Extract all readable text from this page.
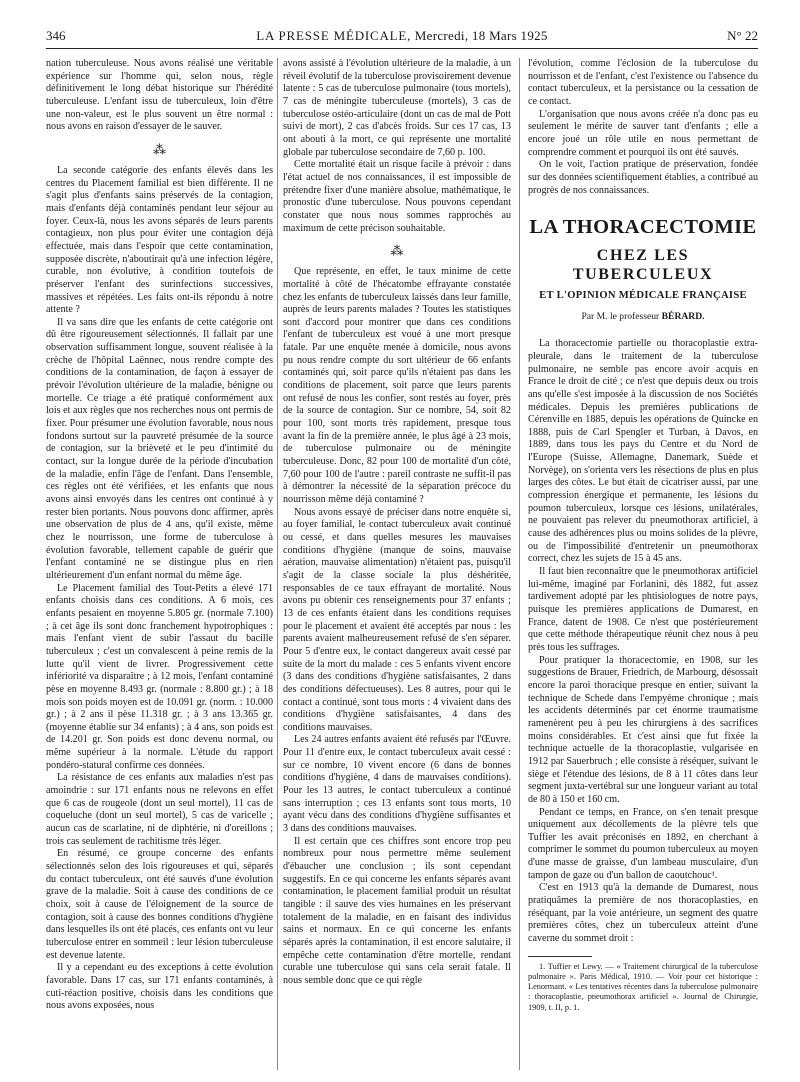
346	LA PRESSE MÉDICALE, Mercredi, 18 Mars 1925	N° 22

nation tuberculeuse. Nous avons réalisé une véritable expérience sur l'homme qui, selon nous, règle définitivement le long débat historique sur l'hérédité tuberculeuse. L'enfant issu de tuberculeux, loin d'être une non-valeur, est le plus souvent un être normal : nous avons en raison d'essayer de le sauver.

⁂

La seconde catégorie des enfants élevés dans les centres du Placement familial est bien différente. Il ne s'agit plus d'enfants sains préservés de la contagion, mais d'enfants déjà contaminés pendant leur séjour au foyer. Ceux-là, nous les avons séparés de leurs parents contagieux, non plus pour éviter une contagion déjà effectuée, mais dans l'espoir que cette contamination, supposée discrète, n'aboutirait qu'à une infection légère, curable, non évolutive, à condition toutefois de préserver l'enfant des surinfections successives, massives et répétées. Les faits ont-ils répondu à notre attente ?

Il va sans dire que les enfants de cette catégorie ont dû être rigoureusement sélectionnés. Il fallait par une observation suffisamment longue, souvent réalisée à la crèche de l'hôpital Laënnec, nous rendre compte des conditions de la contamination, de façon à essayer de prévoir l'évolution ultérieure de la maladie, bénigne ou mortelle. Ce triage a été pratiqué conformément aux lois et aux règles que nos recherches nous ont permis de fixer. Pour présumer une évolution favorable, nous nous fondons surtout sur la pauvreté présumée de la source de contagion, sur la brièveté et le peu d'intimité du contact, sur la longue durée de la période d'incubation de la maladie, enfin l'âge de l'enfant. Dans l'ensemble, ces règles ont été vérifiées, et les enfants que nous avons ainsi envoyés dans les centres ont continué à y rester bien portants. Nous pouvons donc affirmer, après une observation de plus de 4 ans, qu'il existe, même chez le nourrisson, une forme de tuberculose à évolution favorable, tellement capable de guérir que l'enfant contaminé ne se distingue plus en rien ultérieurement d'un enfant normal du même âge.

Le Placement familial des Tout-Petits a élevé 171 enfants choisis dans ces conditions. A 6 mois, ces enfants pesaient en moyenne 5.805 gr. (normale 7.100) ; à cet âge ils sont donc franchement hypotrophiques : mais l'enfant vient de subir l'assaut du bacille tuberculeux ; c'est un convalescent à peine remis de la lutte qu'il vient de livrer. Progressivement cette infériorité va disparaître ; à 12 mois, l'enfant contaminé pèse en moyenne 8.493 gr. (normale : 8.800 gr.) ; à 18 mois son poids moyen est de 10.091 gr. (norm. : 10.000 gr.) ; à 2 ans il pèse 11.318 gr. ; à 3 ans 13.365 gr. (moyenne établie sur 34 enfants) ; à 4 ans, son poids est de 14.201 gr. Son poids est donc devenu normal, ou même supérieur à la normale. L'étude du rapport pondéro-statural confirme ces données.

La résistance de ces enfants aux maladies n'est pas amoindrie : sur 171 enfants nous ne relevons en effet que 6 cas de rougeole (dont un seul mortel), 11 cas de coqueluche (dont un seul mortel), 5 cas de varicelle ; aucun cas de scarlatine, ni de diphtérie, ni d'oreillons ; trois cas seulement de rachitisme très léger.

En résumé, ce groupe concerne des enfants sélectionnés selon des lois rigoureuses et qui, séparés du contact tuberculeux, ont été sauvés d'une évolution grave de la maladie. Soit à cause des conditions de ce choix, soit à cause de l'éloignement de la source de contagion, soit à cause des bonnes conditions d'hygiène dans lesquelles ils ont été placés, ces enfants ont vu leur tuberculose entrer en sommeil : leur lésion tuberculeuse est devenue latente.

Il y a cependant eu des exceptions à cette évolution favorable. Dans 17 cas, sur 171 enfants contaminés, à cuti-réaction positive, choisis dans les conditions que nous avons exposées, nous

avons assisté à l'évolution ultérieure de la maladie, à un réveil évolutif de la tuberculose provisoirement devenue latente : 5 cas de tuberculose pulmonaire (tous mortels), 7 cas de méningite tuberculeuse (mortels), 3 cas de tuberculose ostéo-articulaire (dont un cas de mal de Pott suivi de mort), 2 cas d'abcès froids. Sur ces 17 cas, 13 ont abouti à la mort, ce qui représente une mortalité globale par tuberculose secondaire de 7,60 p. 100.

Cette mortalité était un risque facile à prévoir : dans l'état actuel de nos connaissances, il est impossible de prétendre fixer d'une manière absolue, mathématique, le pronostic d'une tuberculose. Nous pouvons cependant constater que nous nous sommes rapprochés au maximum de cette précison souhaitable.

⁂

Que représente, en effet, le taux minime de cette mortalité à côté de l'hécatombe effrayante constatée chez les enfants de tuberculeux laissés dans leur famille, auprès de leurs parents malades ? Toutes les statistiques sont d'accord pour montrer que dans ces conditions l'enfant de tuberculeux est voué à une mort presque fatale. Par une enquête menée à domicile, nous avons pu nous rendre compte du sort ultérieur de 66 enfants contaminés qui, soit parce qu'ils n'étaient pas dans les conditions de placement, soit parce que leurs parents ont refusé de nous les confier, sont restés au foyer, près de la source de contagion. Sur ce nombre, 54, soit 82 pour 100, sont morts très rapidement, presque tous avant la fin de la première année, le plus âgé à 23 mois, de tuberculose pulmonaire ou de méningite tuberculeuse. Donc, 82 pour 100 de mortalité d'un côté, 7,60 pour 100 de l'autre : pareil contraste ne suffit-il pas à démontrer la nécessité de la séparation précoce du nourrisson même déjà contaminé ?

Nous avons essayé de préciser dans notre enquête si, au foyer familial, le contact tuberculeux avait continué ou cessé, et dans quelles mesures les mauvaises conditions d'hygiène (manque de soins, mauvaise aération, mauvaise alimentation) n'étaient pas, puisqu'il s'agit de la classe sociale la plus déshéritée, responsables de ce taux effrayant de mortalité. Nous avons pu obtenir ces renseignements pour 37 enfants ; 13 de ces enfants étaient dans les conditions requises pour le placement et avaient été acceptés par nous : les parents avaient malheureusement refusé de s'en séparer. Pour 5 d'entre eux, le contact dangereux avait cessé par suite de la mort du malade : ces 5 enfants vivent encore (3 dans des conditions d'hygiène satisfaisantes, 2 dans des conditions défectueuses). Les 8 autres, pour qui le contact a continué, sont tous morts : 4 vivaient dans des conditions d'hygiène satisfaisantes, 4 dans des conditions mauvaises.

Les 24 autres enfants avaient été refusés par l'Œuvre. Pour 11 d'entre eux, le contact tuberculeux avait cessé : sur ce nombre, 10 vivent encore (6 dans de bonnes conditions d'hygiène, 4 dans de mauvaises conditions). Pour les 13 autres, le contact tuberculeux a continué sans interruption ; ces 13 enfants sont tous morts, 10 ayant vécu dans des conditions d'hygiène suffisantes et 3 dans des conditions mauvaises.

Il est certain que ces chiffres sont encore trop peu nombreux pour nous permettre même seulement d'ébaucher une conclusion ; ils sont cependant suggestifs. En ce qui concerne les enfants séparés avant contamination, le placement familial produit un résultat tangible : il sauve des vies humaines en les préservant totalement de la maladie, en en faisant des individus sains et normaux. En ce qui concerne les enfants séparés après la contamination, il est encore salutaire, il empêche cette contamination d'être mortelle, rendant curable une tuberculose qui sans cela serait fatale. Il nous semble donc que ce qui règle

l'évolution, comme l'éclosion de la tuberculose du nourrisson et de l'enfant, c'est l'existence ou l'absence du contact tuberculeux, et la persistance ou la cessation de ce contact.

L'organisation que nous avons créée n'a donc pas eu seulement le mérite de sauver tant d'enfants ; elle a encore joué un rôle utile en nous permettant de comprendre comment et pourquoi ils ont été sauvés.

On le voit, l'action pratique de préservation, fondée sur des données scientifiquement établies, a contribué au progrès de nos connaissances.

LA THORACECTOMIE
CHEZ LES TUBERCULEUX
ET L'OPINION MÉDICALE FRANÇAISE
Par M. le professeur BÉRARD.

La thoracectomie partielle ou thoracoplastie extra-pleurale, dans le traitement de la tuberculose pulmonaire, ne semble pas encore avoir acquis en France le droit de cité ; ce n'est que depuis deux ou trois ans qu'elle s'est imposée à la discussion de nos Sociétés médicales. Depuis les premières publications de Cérenville en 1885, depuis les opérations de Quincke en 1888, puis de Carl Spengler et Turban, à Davos, en 1889, dans tous les pays du Centre et du Nord de l'Europe (Suisse, Allemagne, Danemark, Suède et Norvège), on s'orienta vers les résections de plus en plus larges des côtes. Le but était de cicatriser aussi, par une compression énergique et permanente, les lésions du poumon tuberculeux, lorsque ces lésions, unilatérales, ne pouvaient pas relever du pneumothorax artificiel, à cause des adhérences plus ou moins solides de la plèvre, ou de l'impossibilité d'entretenir un pneumothorax correct, chez les sujets de 15 à 45 ans.

Il faut bien reconnaître que le pneumothorax artificiel lui-même, imaginé par Forlanini, dès 1882, fut assez tardivement adopté par les phtisiologues de notre pays, puisque les premières applications de Dumarest, en France, datent de 1908. Ce n'est que postérieurement que cette méthode thérapeutique réunit chez nous à peu près tous les suffrages.

Pour pratiquer la thoracectomie, en 1908, sur les suggestions de Brauer, Friedrich, de Marbourg, désossait encore la paroi thoracique presque en entier, suivant la technique de Schede dans l'empyème chronique ; mais les accidents déterminés par cet énorme traumatisme ramenèrent peu à peu les chirurgiens à des sacrifices moins considérables. Et c'est ainsi que fut fixée la technique actuelle de la thoracoplastie, vulgarisée en 1912 par Sauerbruch ; elle consiste à réséquer, suivant le siège et l'étendue des lésions, de 8 à 11 côtes dans leur segment juxta-vertébral sur une longueur variant au total de 80 à 150 et 160 cm.

Pendant ce temps, en France, on s'en tenait presque uniquement aux décollements de la plèvre tels que Tuffier les avait préconisés en 1892, en cherchant à comprimer le sommet du poumon tuberculeux au moyen d'une masse de graisse, d'un lambeau musculaire, d'un tampon de gaze ou d'un ballon de caoutchouc¹.

C'est en 1913 qu'à la demande de Dumarest, nous pratiquâmes la première de nos thoracoplasties, en réséquant, par la voie antérieure, un segment des quatre premières côtes, chez un tuberculeux atteint d'une caverne du sommet droit :

1. Tuffier et Lewy. — « Traitement chirurgical de la tuberculose pulmonaire ». Paris Médical, 1910. — Voir pour cet historique : Lenormant. « Les tentatives récentes dans la tuberculose pulmonaire : thoracoplastie, pneumothorax artificiel ». Journal de Chirurgie, 1909, t. II, p. 1.
